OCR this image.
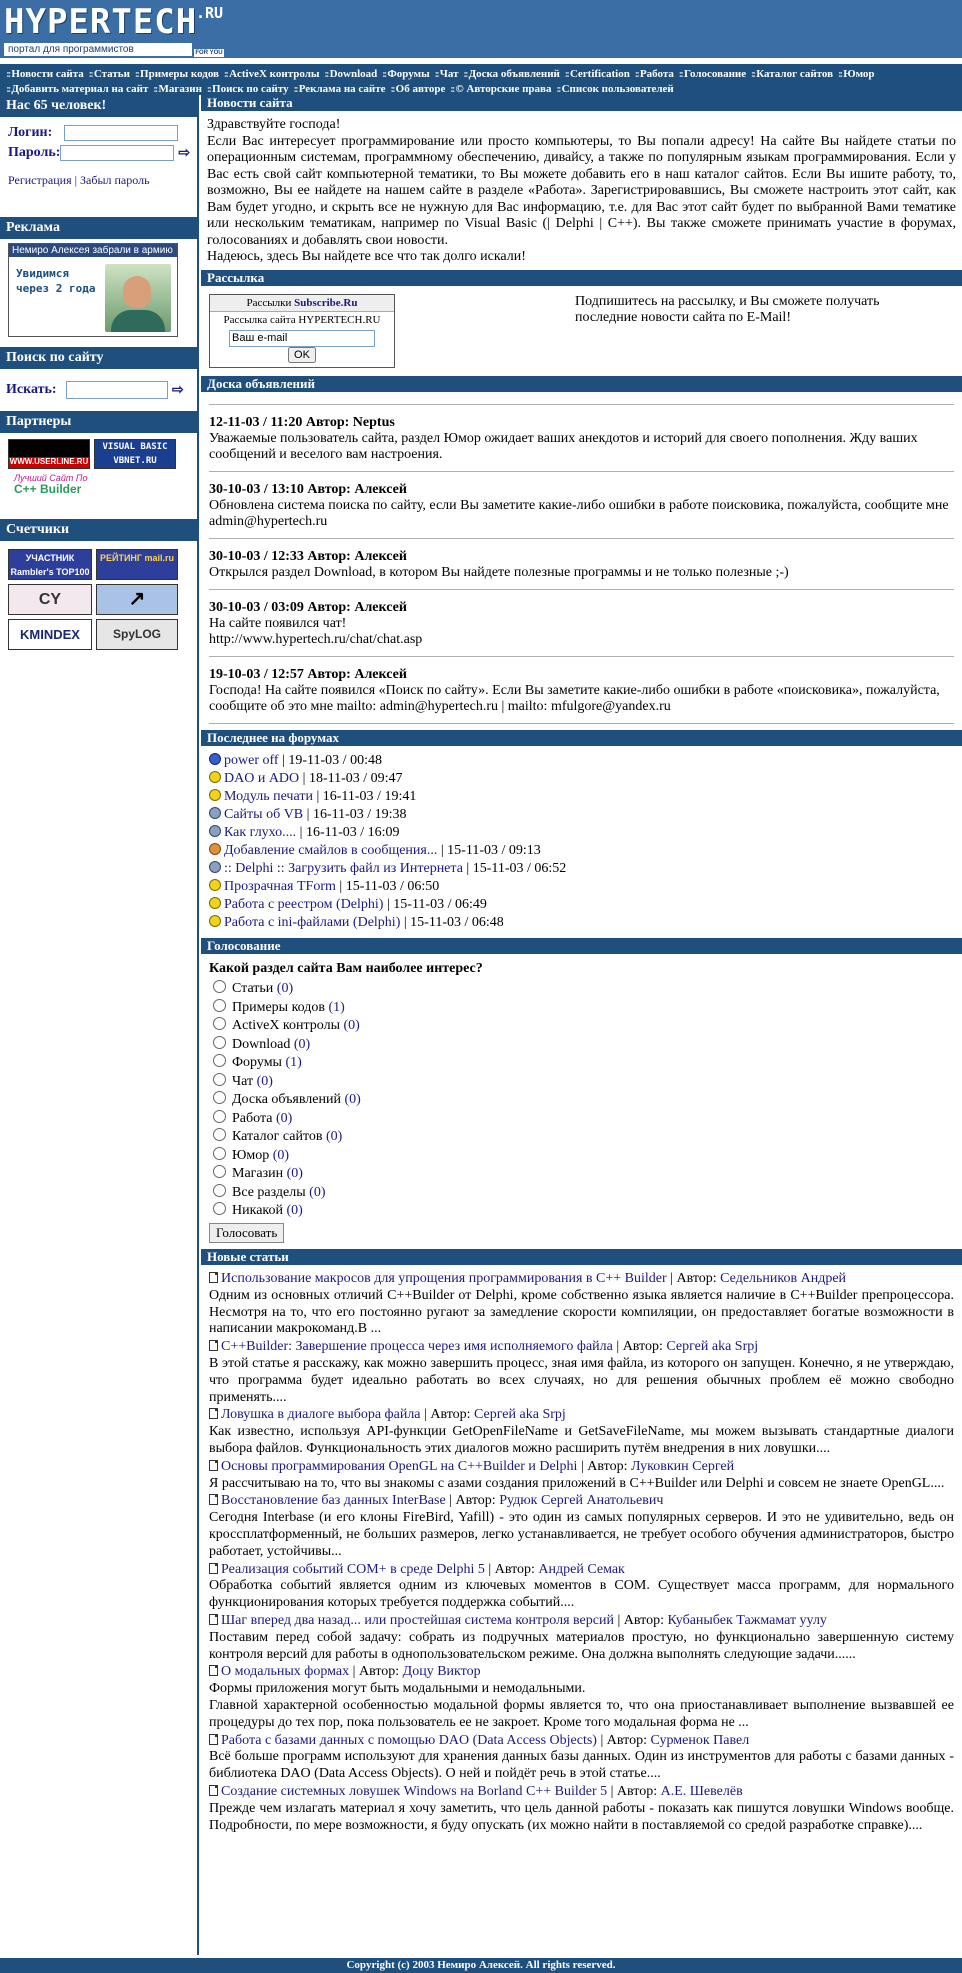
HYPERTECH
.RU
портал для программистов	FOR YOU
:: Новости сайта :: Статьи :: Примеры кодов :: ActiveX контролы :: Download :: Форумы :: Чат :: Доска объявлений :: Certification :: Работа :: Голосование :: Каталог сайтов :: Юмор :: Добавить материал на сайт :: Магазин :: Поиск по сайту :: Реклама на сайте :: Об авторе :: © Авторские права :: Список пользователей
Нас 65 человек!
Логин:
Пароль:	⇨
Регистрация | Забыл пароль
Реклама
Немиро Алексея забрали в армию
Увидимся
через 2 года
Поиск по сайту
Искать:	⇨
Партнеры
WWW.USERLINE.RU
VISUAL BASIC VBNET.RU
Лучший Сайт По
C++ Builder
Счетчики
УЧАСТНИК Rambler's TOP100
РЕЙТИНГ mail.ru
CY	↗
KMINDEX	SpyLOG
Новости сайта
Здравствуйте господа!
Если Вас интересует программирование или просто компьютеры, то Вы попали адресу! На сайте Вы найдете статьи по операционным системам, программному обеспечению, дивайсу, а также по популярным языкам программирования. Если у Вас есть свой сайт компьютерной тематики, то Вы можете добавить его в наш каталог сайтов. Если Вы ишите работу, то, возможно, Вы ее найдете на нашем сайте в разделе «Работа». Зарегистрировавшись, Вы сможете настроить этот сайт, как Вам будет угодно, и скрыть все не нужную для Вас информацию, т.е. для Вас этот сайт будет по выбранной Вами тематике или нескольким тематикам, например по Visual Basic (| Delphi | C++). Вы также сможете принимать участие в форумах, голосованиях и добавлять свои новости.
Надеюсь, здесь Вы найдете все что так долго искали!
Рассылка
Рассылки Subscribe.Ru
Рассылка сайта HYPERTECH.RU
Ваш e-mail OK
Подпишитесь на рассылку, и Вы сможете получать последние новости сайта по E-Mail!
Доска объявлений
12-11-03 / 11:20 Автор: Neptus
Уважаемые пользователь сайта, раздел Юмор ожидает ваших анекдотов и историй для своего пополнения. Жду ваших сообщений и веселого вам настроения.
30-10-03 / 13:10 Автор: Алексей
Обновлена система поиска по сайту, если Вы заметите какие-либо ошибки в работе поисковика, пожалуйста, сообщите мне admin@hypertech.ru
30-10-03 / 12:33 Автор: Алексей
Открылся раздел Download, в котором Вы найдете полезные программы и не только полезные ;-)
30-10-03 / 03:09 Автор: Алексей
На сайте появился чат!
http://www.hypertech.ru/chat/chat.asp
19-10-03 / 12:57 Автор: Алексей
Господа! На сайте появился «Поиск по сайту». Если Вы заметите какие-либо ошибки в работе «поисковика», пожалуйста, сообщите об это мне mailto: admin@hypertech.ru | mailto: mfulgore@yandex.ru
Последнее на форумах
power off | 19-11-03 / 00:48
DAO и ADO | 18-11-03 / 09:47
Модуль печати | 16-11-03 / 19:41
Сайты об VB | 16-11-03 / 19:38
Как глухо.... | 16-11-03 / 16:09
Добавление смайлов в сообщения... | 15-11-03 / 09:13
:: Delphi :: Загрузить файл из Интернета | 15-11-03 / 06:52
Прозрачная TForm | 15-11-03 / 06:50
Работа с реестром (Delphi) | 15-11-03 / 06:49
Работа с ini-файлами (Delphi) | 15-11-03 / 06:48
Голосование
Какой раздел сайта Вам наиболее интерес?
Статьи (0)
Примеры кодов (1)
ActiveX контролы (0)
Download (0)
Форумы (1)
Чат (0)
Доска объявлений (0)
Работа (0)
Каталог сайтов (0)
Юмор (0)
Магазин (0)
Все разделы (0)
Никакой (0)
Голосовать
Новые статьи
Использование макросов для упрощения программирования в C++ Builder | Автор: Седельников Андрей
Одним из основных отличий C++Builder от Delphi, кроме собственно языка является наличие в C++Builder препроцессора. Несмотря на то, что его постоянно ругают за замедление скорости компиляции, он предоставляет богатые возможности в написании макрокоманд.В ...
C++Builder: Завершение процесса через имя исполняемого файла | Автор: Сергей aka Srpj
В этой статье я расскажу, как можно завершить процесс, зная имя файла, из которого он запущен. Конечно, я не утверждаю, что программа будет идеально работать во всех случаях, но для решения обычных проблем её можно свободно применять....
Ловушка в диалоге выбора файла | Автор: Сергей aka Srpj
Как известно, используя API-функции GetOpenFileName и GetSaveFileName, мы можем вызывать стандартные диалоги выбора файлов. Функциональность этих диалогов можно расширить путём внедрения в них ловушки....
Основы программирования OpenGL на C++Builder и Delphi | Автор: Луковкин Сергей
Я рассчитываю на то, что вы знакомы с азами создания приложений в C++Builder или Delphi и совсем не знаете OpenGL....
Восстановление баз данных InterBase | Автор: Рудюк Сергей Анатольевич
Сегодня Interbase (и его клоны FireBird, Yafill) - это один из самых популярных серверов. И это не удивительно, ведь он кроссплатформенный, не больших размеров, легко устанавливается, не требует особого обучения администраторов, быстро работает, устойчивы...
Реализация событий COM+ в среде Delphi 5 | Автор: Андрей Семак
Обработка событий является одним из ключевых моментов в COM. Существует масса программ, для нормального функционирования которых требуется поддержка событий....
Шаг вперед два назад... или простейшая система контроля версий | Автор: Кубаныбек Тажмамат уулу
Поставим перед собой задачу: собрать из подручных материалов простую, но функционально завершенную систему контроля версий для работы в однопользовательском режиме. Она должна выполнять следующие задачи......
О модальных формах | Автор: Доцу Виктор
Формы приложения могут быть модальными и немодальными.
Главной характерной особенностью модальной формы является то, что она приостанавливает выполнение вызвавшей ее процедуры до тех пор, пока пользователь ее не закроет. Кроме того модальная форма не ...
Работа с базами данных с помощью DAO (Data Access Objects) | Автор: Сурменок Павел
Всё больше программ используют для хранения данных базы данных. Один из инструментов для работы с базами данных - библиотека DAO (Data Access Objects). О ней и пойдёт речь в этой статье....
Создание системных ловушек Windows на Borland C++ Builder 5 | Автор: А.Е. Шевелёв
Прежде чем излагать материал я хочу заметить, что цель данной работы - показать как пишутся ловушки Windows вообще. Подробности, по мере возможности, я буду опускать (их можно найти в поставляемой со средой разработке справке)....
Copyright (c) 2003 Немиро Алексей. All rights reserved.
